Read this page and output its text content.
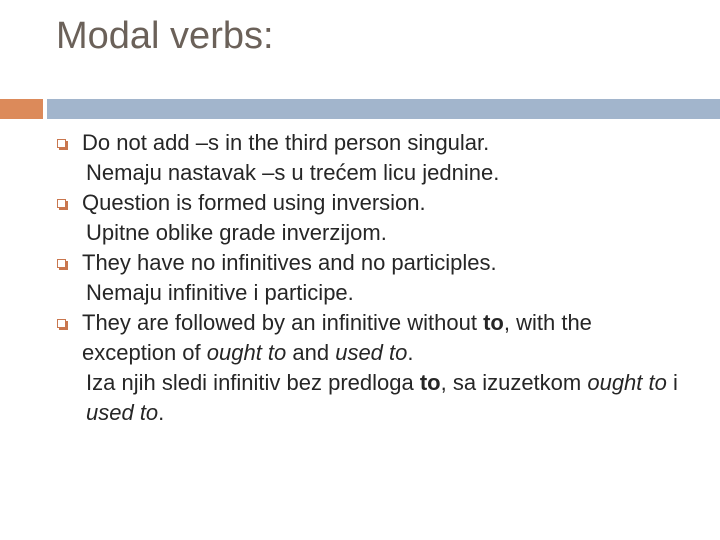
Modal verbs:
Do not add –s in the third person singular.
Nemaju nastavak –s u trećem licu jednine.
Question is formed using inversion.
Upitne oblike grade inverzijom.
They have no infinitives and no participles.
Nemaju infinitive i participe.
They are followed by an infinitive without to, with the exception of ought to and used to.
Iza njih sledi infinitiv bez predloga to, sa izuzetkom ought to i used to.
